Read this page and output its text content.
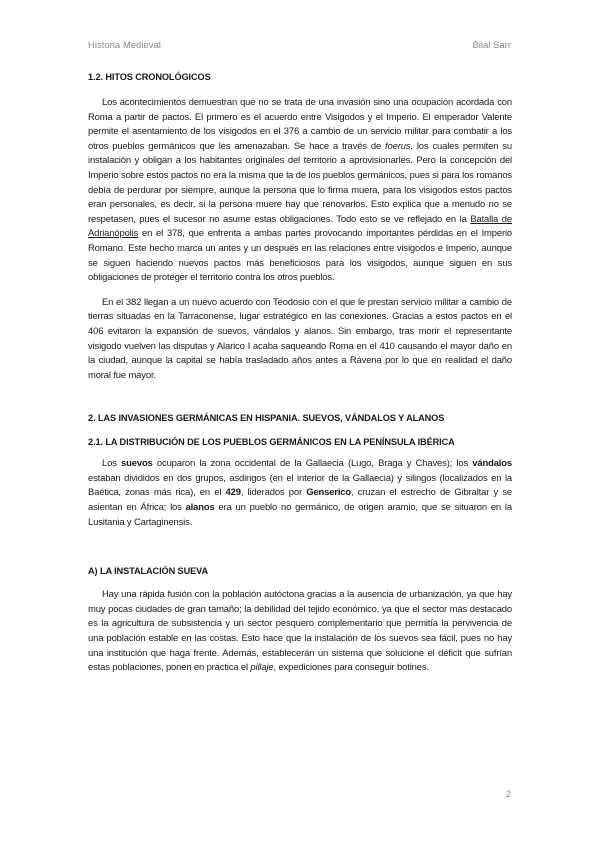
Historia Medieval	Bilal Sarr
1.2. HITOS CRONOLÓGICOS

Los acontecimientos demuestran que no se trata de una invasión sino una ocupación acordada con Roma a partir de pactos. El primero es el acuerdo entre Visigodos y el Imperio. El emperador Valente permite el asentamiento de los visigodos en el 376 a cambio de un servicio militar para combatir a los otros pueblos germánicos que les amenazaban. Se hace a través de foerus, los cuales permiten su instalación y obligan a los habitantes originales del territorio a aprovisionarles. Pero la concepción del Imperio sobre estos pactos no era la misma que la de los pueblos germánicos, pues si para los romanos debía de perdurar por siempre, aunque la persona que lo firma muera, para los visigodos estos pactos eran personales, es decir, si la persona muere hay que renovarlos. Esto explica que a menudo no se respetasen, pues el sucesor no asume estas obligaciones. Todo esto se ve reflejado en la Batalla de Adrianópolis en el 378, que enfrenta a ambas partes provocando importantes pérdidas en el Imperio Romano. Este hecho marca un antes y un después en las relaciones entre visigodos e Imperio, aunque se siguen haciendo nuevos pactos más beneficiosos para los visigodos, aunque siguen en sus obligaciones de proteger el territorio contra los otros pueblos.

En el 382 llegan a un nuevo acuerdo con Teodosio con el que le prestan servicio militar a cambio de tierras situadas en la Tarraconense, lugar estratégico en las conexiones. Gracias a estos pactos en el 406 evitaron la expansión de suevos, vándalos y alanos. Sin embargo, tras morir el representante visigodo vuelven las disputas y Alarico I acaba saqueando Roma en el 410 causando el mayor daño en la ciudad, aunque la capital se había trasladado años antes a Rávena por lo que en realidad el daño moral fue mayor.

2. LAS INVASIONES GERMÁNICAS EN HISPANIA. SUEVOS, VÁNDALOS Y ALANOS
2.1. LA DISTRIBUCIÓN DE LOS PUEBLOS GERMÁNICOS EN LA PENÍNSULA IBÉRICA

Los suevos ocuparon la zona occidental de la Gallaecia (Lugo, Braga y Chaves); los vándalos estaban divididos en dos grupos, asdingos (en el interior de la Gallaecia) y silingos (localizados en la Baética, zonas más rica), en el 429, liderados por Genserico, cruzan el estrecho de Gibraltar y se asientan en África; los alanos era un pueblo no germánico, de origen aramio, que se situaron en la Lusitania y Cartaginensis.

A) LA INSTALACIÓN SUEVA

Hay una rápida fusión con la población autóctona gracias a la ausencia de urbanización, ya que hay muy pocas ciudades de gran tamaño; la debilidad del tejido económico, ya que el sector más destacado es la agricultura de subsistencia y un sector pesquero complementario que permitía la pervivencia de una población estable en las costas. Esto hace que la instalación de los suevos sea fácil, pues no hay una institución que haga frente. Además, establecerán un sistema que solucione el déficit que sufrían estas poblaciones, ponen en práctica el pillaje, expediciones para conseguir botines.

2
